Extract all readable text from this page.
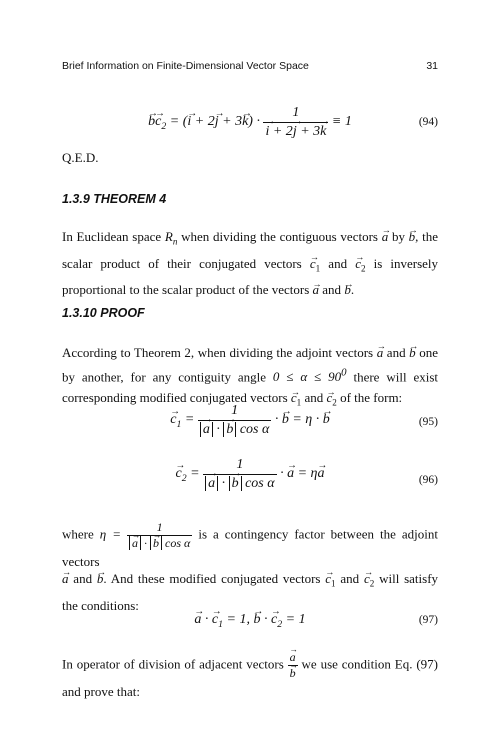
Brief Information on Finite-Dimensional Vector Space	31
→ $b\to c_2$ = (→ i + 2→ j + 3→ k) · 1
→ i + 2→ j + 3→ k ≡ 1	(94)
Q.E.D.
1.3.9 THEOREM 4
In Euclidean space $R_n$ when dividing the contiguous vectors → a by → b, the scalar product of their conjugated vectors → $c_1$ and → $c_2$ is inversely proportional to the scalar product of the vectors → a and → b.
1.3.10 PROOF
According to Theorem 2, when dividing the adjoint vectors → a and → b one by another, for any contiguity angle $0 \le \alpha \le 90^0$ there will exist corresponding modified conjugated vectors → $c_1$ and → $c_2$ of the form:
→ $c_1 = 1$
→ a · → b cos α · → b = η · → b	(95)
→ $c_2 = 1$
→ a · → b cos α · → a = η→ a	(96)
where η = 1
→ a · → b cos α is a contingency factor between the adjoint vectors
→ a and → b. And these modified conjugated vectors → $c_1$ and → $c_2$ will satisfy the conditions:
→ a · → $c_1 = 1$, → b · → $c_2 = 1$	(97)
In operator of division of adjacent vectors → a
→ b we use condition Eq. (97) and prove that:
